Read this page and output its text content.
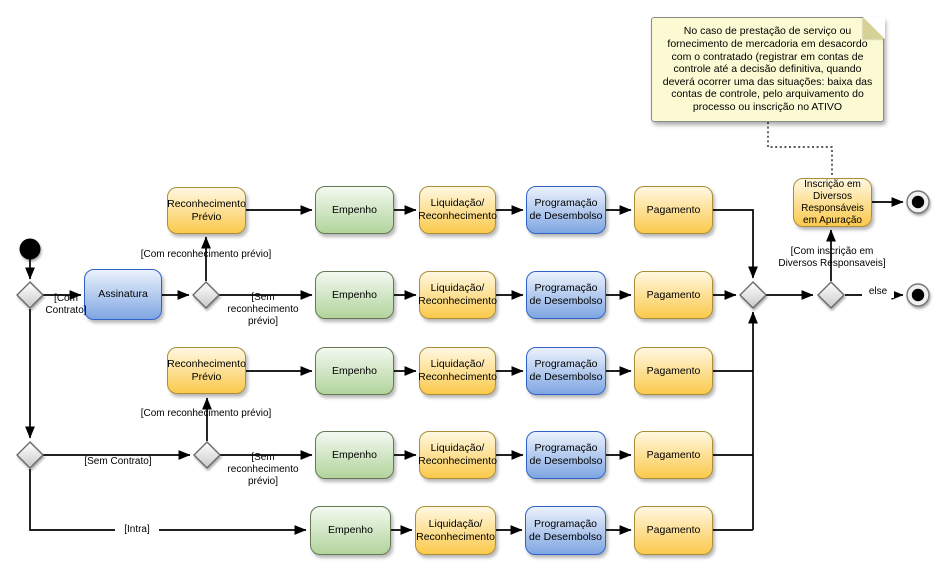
No caso de prestação de serviço ou fornecimento de mercadoria em desacordo com o contratado (registrar em contas de controle até a decisão definitiva, quando deverá ocorrer uma das situações: baixa das contas de controle, pelo arquivamento do processo ou inscrição no ATIVO
Assinatura
Reconhecimento Prévio
Reconhecimento Prévio
Empenho
Liquidação/ Reconhecimento
Programação de Desembolso
Pagamento
Empenho
Liquidação/ Reconhecimento
Programação de Desembolso
Pagamento
Empenho
Liquidação/ Reconhecimento
Programação de Desembolso
Pagamento
Empenho
Liquidação/ Reconhecimento
Programação de Desembolso
Pagamento
Empenho
Liquidação/ Reconhecimento
Programação de Desembolso
Pagamento
Inscrição em Diversos Responsáveis em Apuração
[Com Contrato]
[Sem Contrato]
[Intra]
[Com reconhecimento prévio]
[Sem reconhecimento prévio]
[Com reconhecimento prévio]
[Sem reconhecimento prévio]
[Com inscrição em Diversos Responsaveis]
else
